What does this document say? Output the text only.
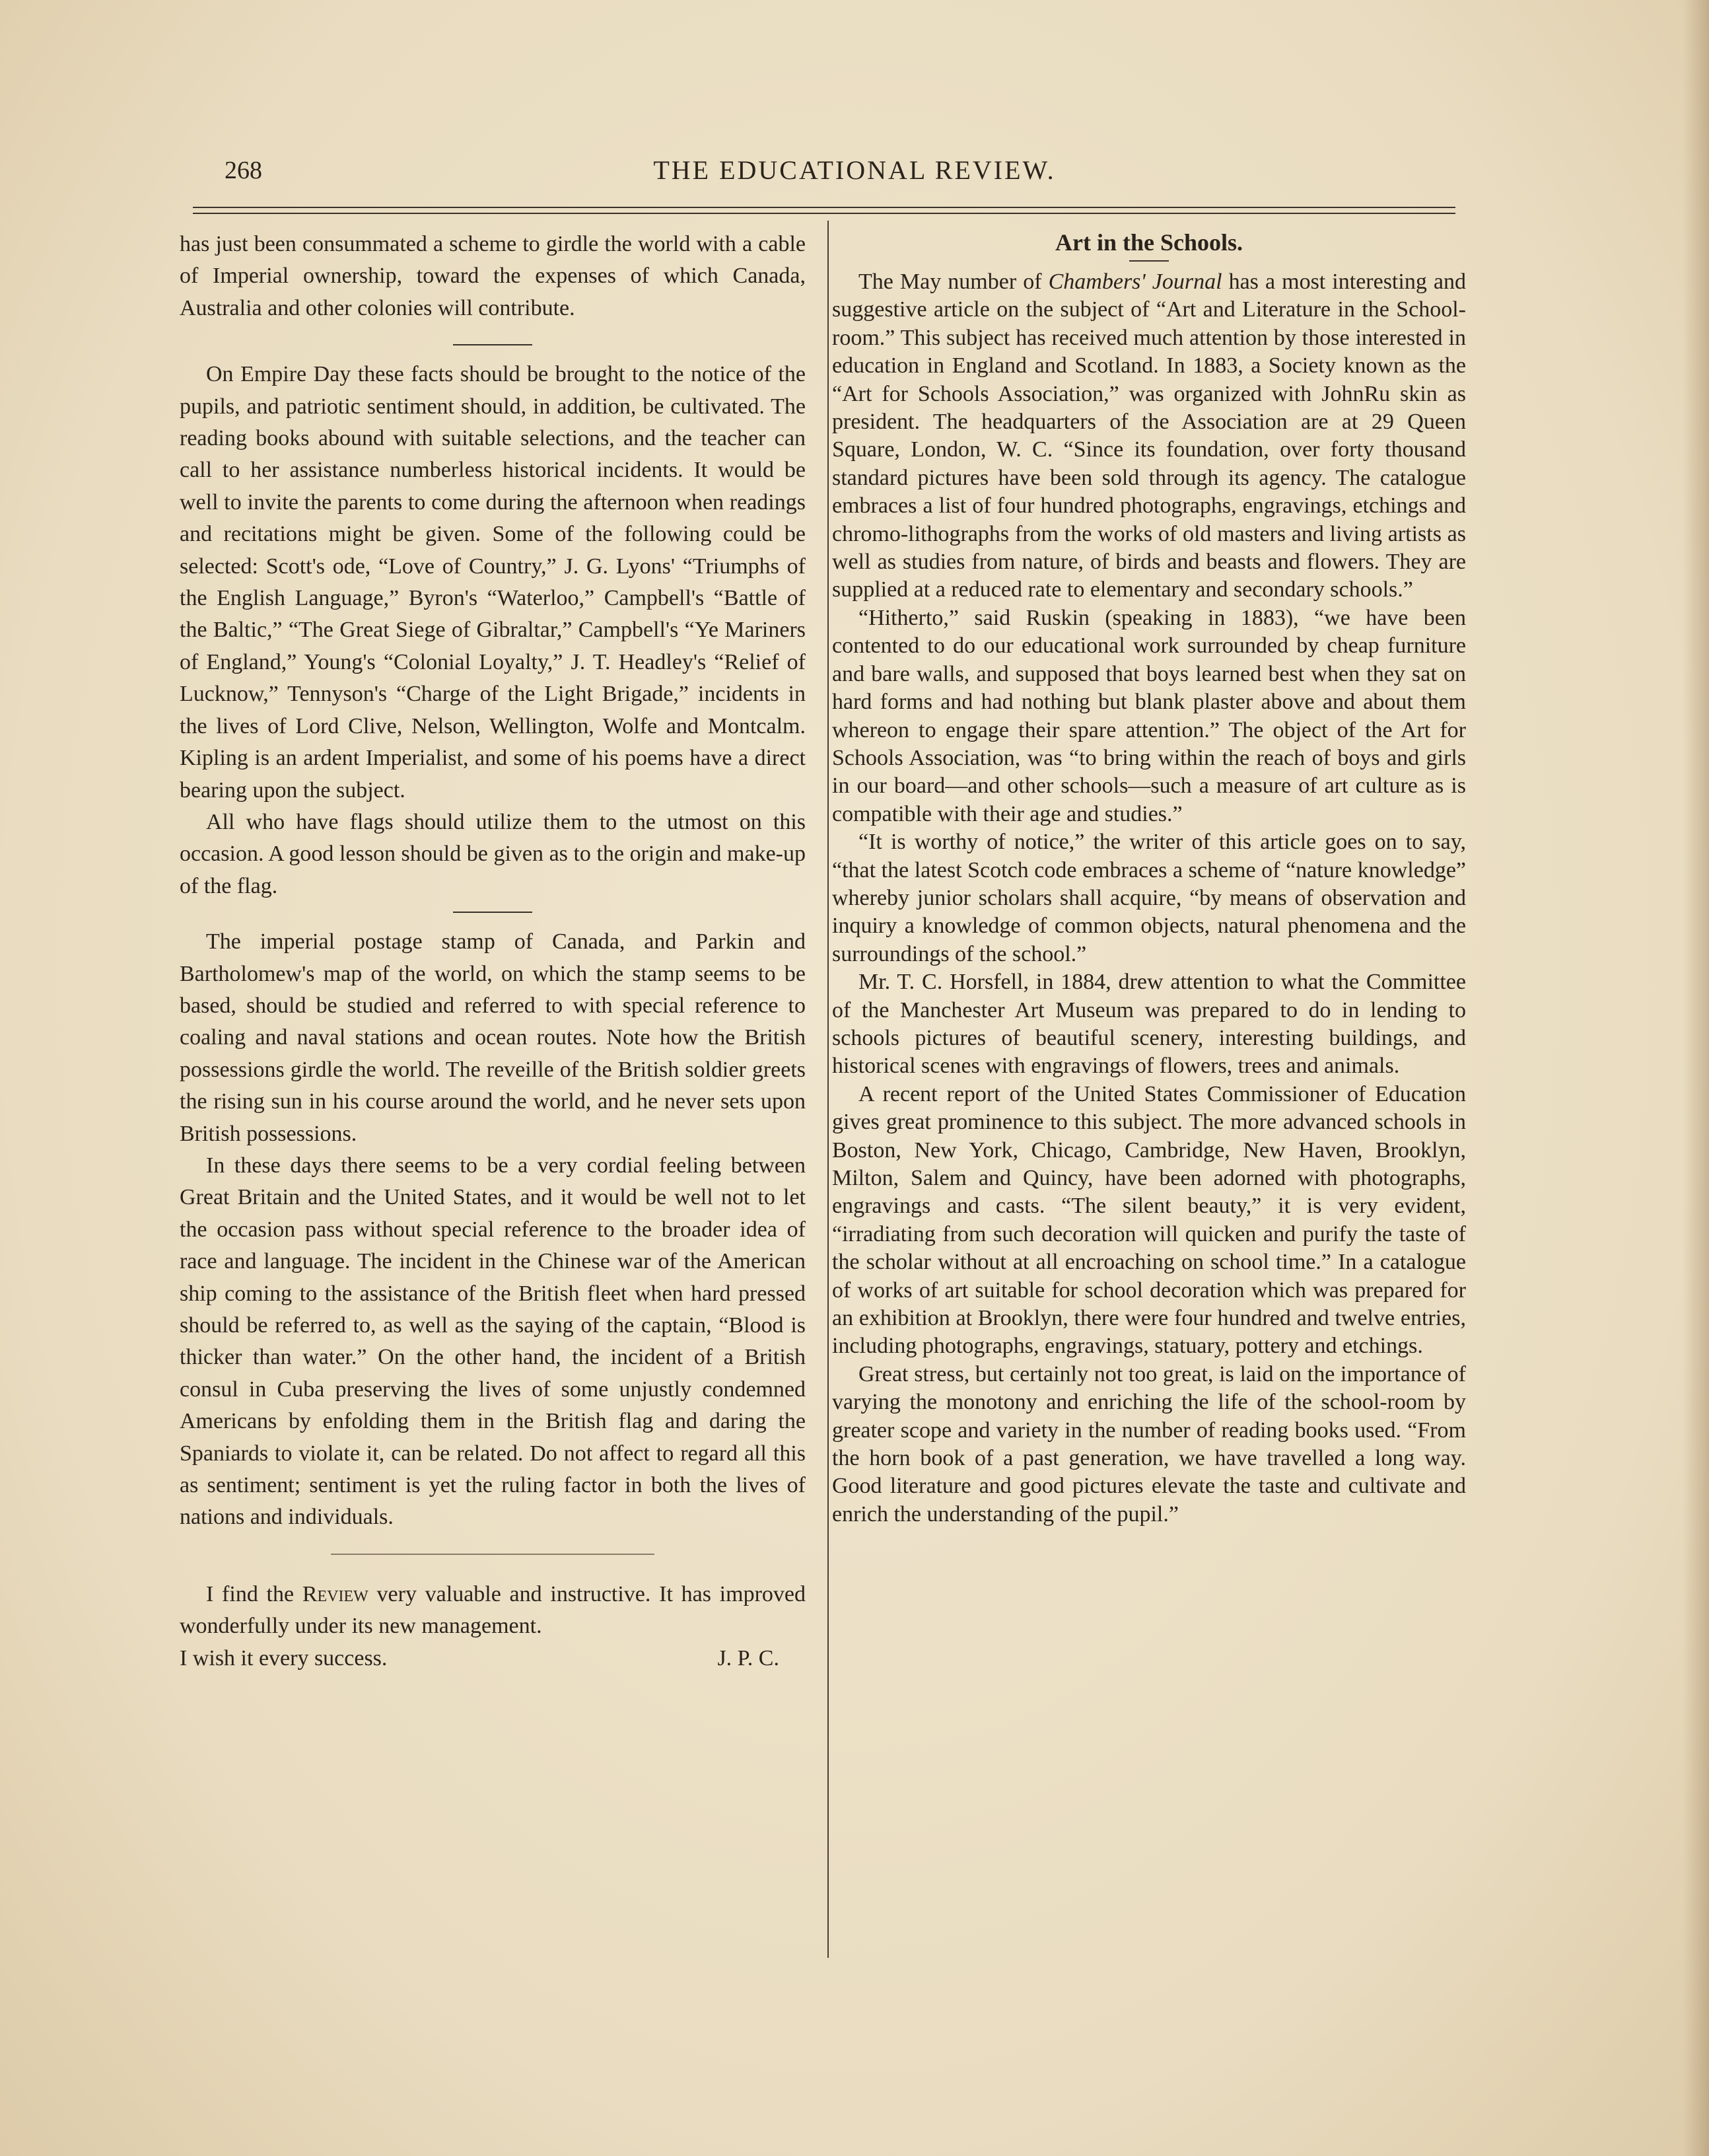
268	THE EDUCATIONAL REVIEW.

has just been consummated a scheme to girdle the world with a cable of Imperial ownership, toward the expenses of which Canada, Australia and other colonies will contribute.

On Empire Day these facts should be brought to the notice of the pupils, and patriotic sentiment should, in addition, be cultivated. The reading books abound with suitable selections, and the teacher can call to her assistance numberless historical incidents. It would be well to invite the parents to come during the afternoon when readings and recitations might be given. Some of the following could be selected: Scott's ode, “Love of Country,” J. G. Lyons' “Triumphs of the English Language,” Byron's “Waterloo,” Campbell's “Battle of the Baltic,” “The Great Siege of Gibraltar,” Campbell's “Ye Mariners of England,” Young's “Colonial Loyalty,” J. T. Headley's “Relief of Lucknow,” Tennyson's “Charge of the Light Brigade,” incidents in the lives of Lord Clive, Nelson, Wellington, Wolfe and Montcalm. Kipling is an ardent Imperialist, and some of his poems have a direct bearing upon the subject.

All who have flags should utilize them to the utmost on this occasion. A good lesson should be given as to the origin and make-up of the flag.

The imperial postage stamp of Canada, and Parkin and Bartholomew's map of the world, on which the stamp seems to be based, should be studied and referred to with special reference to coaling and naval stations and ocean routes. Note how the British possessions girdle the world. The reveille of the British soldier greets the rising sun in his course around the world, and he never sets upon British possessions.

In these days there seems to be a very cordial feeling between Great Britain and the United States, and it would be well not to let the occasion pass without special reference to the broader idea of race and language. The incident in the Chinese war of the American ship coming to the assistance of the British fleet when hard pressed should be referred to, as well as the saying of the captain, “Blood is thicker than water.” On the other hand, the incident of a British consul in Cuba preserving the lives of some unjustly condemned Americans by enfolding them in the British flag and daring the Spaniards to violate it, can be related. Do not affect to regard all this as sentiment; sentiment is yet the ruling factor in both the lives of nations and individuals.

I find the Review very valuable and instructive. It has improved wonderfully under its new management.

I wish it every success.	J. P. C.
Art in the Schools.

The May number of Chambers' Journal has a most interesting and suggestive article on the subject of “Art and Literature in the School-room.” This subject has received much attention by those interested in education in England and Scotland. In 1883, a Society known as the “Art for Schools Association,” was organized with JohnRu skin as president. The headquarters of the Association are at 29 Queen Square, London, W. C. “Since its foundation, over forty thousand standard pictures have been sold through its agency. The catalogue embraces a list of four hundred photographs, engravings, etchings and chromo-lithographs from the works of old masters and living artists as well as studies from nature, of birds and beasts and flowers. They are supplied at a reduced rate to elementary and secondary schools.”

“Hitherto,” said Ruskin (speaking in 1883), “we have been contented to do our educational work surrounded by cheap furniture and bare walls, and supposed that boys learned best when they sat on hard forms and had nothing but blank plaster above and about them whereon to engage their spare attention.” The object of the Art for Schools Association, was “to bring within the reach of boys and girls in our board—and other schools—such a measure of art culture as is compatible with their age and studies.”

“It is worthy of notice,” the writer of this article goes on to say, “that the latest Scotch code embraces a scheme of “nature knowledge” whereby junior scholars shall acquire, “by means of observation and inquiry a knowledge of common objects, natural phenomena and the surroundings of the school.”

Mr. T. C. Horsfell, in 1884, drew attention to what the Committee of the Manchester Art Museum was prepared to do in lending to schools pictures of beautiful scenery, interesting buildings, and historical scenes with engravings of flowers, trees and animals.

A recent report of the United States Commissioner of Education gives great prominence to this subject. The more advanced schools in Boston, New York, Chicago, Cambridge, New Haven, Brooklyn, Milton, Salem and Quincy, have been adorned with photographs, engravings and casts. “The silent beauty,” it is very evident, “irradiating from such decoration will quicken and purify the taste of the scholar without at all encroaching on school time.” In a catalogue of works of art suitable for school decoration which was prepared for an exhibition at Brooklyn, there were four hundred and twelve entries, including photographs, engravings, statuary, pottery and etchings.

Great stress, but certainly not too great, is laid on the importance of varying the monotony and enriching the life of the school-room by greater scope and variety in the number of reading books used. “From the horn book of a past generation, we have travelled a long way. Good literature and good pictures elevate the taste and cultivate and enrich the understanding of the pupil.”
